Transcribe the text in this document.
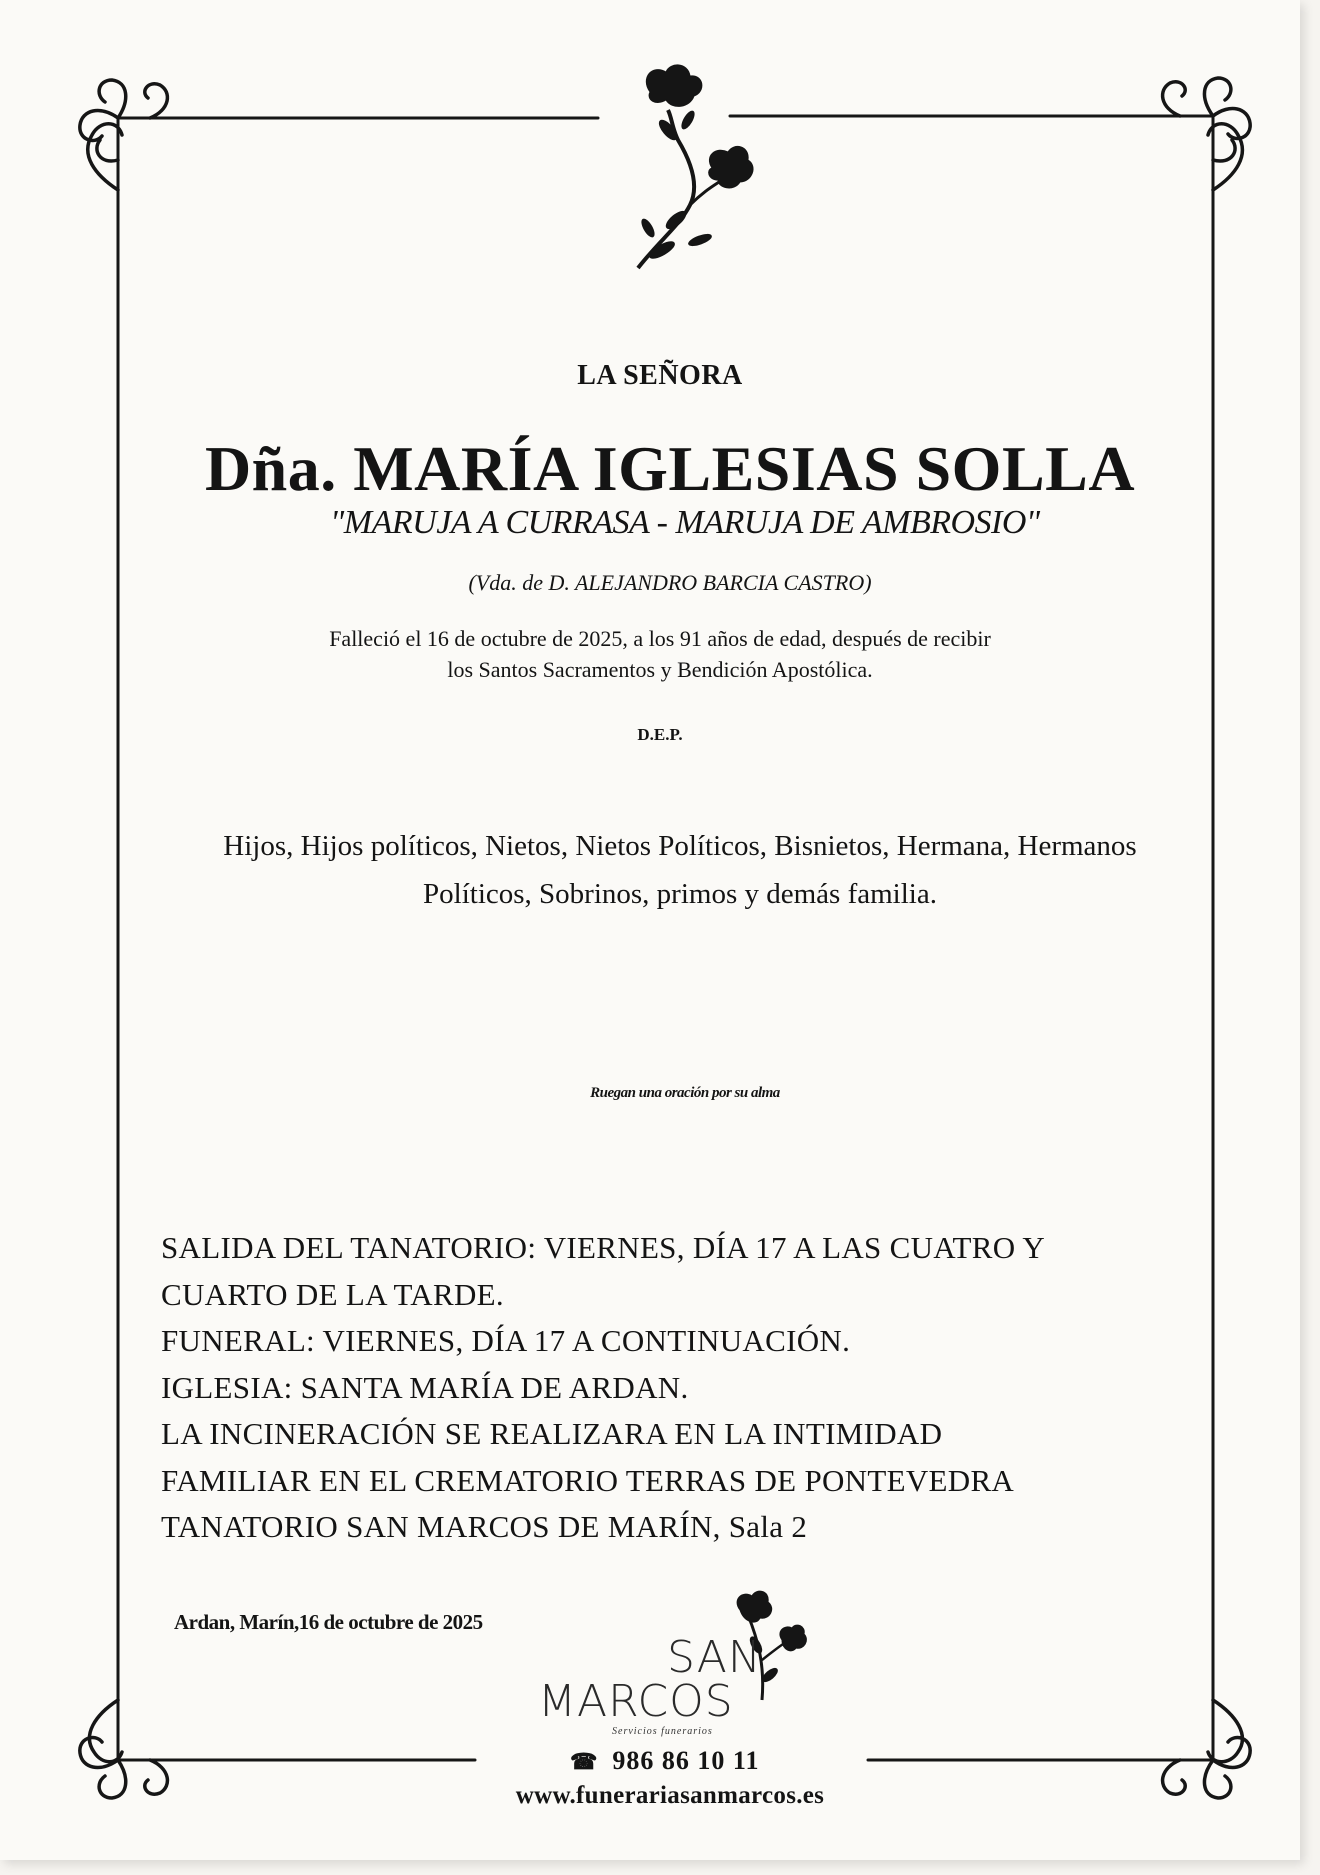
LA SEÑORA

Dña. MARÍA IGLESIAS SOLLA

"MARUJA A CURRASA - MARUJA DE AMBROSIO"

(Vda. de D. ALEJANDRO BARCIA CASTRO)

Falleció el 16 de octubre de 2025, a los 91 años de edad, después de recibir
los Santos Sacramentos y Bendición Apostólica.

D.E.P.

Hijos, Hijos políticos, Nietos, Nietos Políticos, Bisnietos, Hermana, Hermanos
Políticos, Sobrinos, primos y demás familia.

Ruegan una oración por su alma

SALIDA DEL TANATORIO: VIERNES, DÍA 17 A LAS CUATRO Y
CUARTO DE LA TARDE.
FUNERAL: VIERNES, DÍA 17 A CONTINUACIÓN.
IGLESIA: SANTA MARÍA DE ARDAN.
LA INCINERACIÓN SE REALIZARA EN LA INTIMIDAD
FAMILIAR EN EL CREMATORIO TERRAS DE PONTEVEDRA
TANATORIO SAN MARCOS DE MARÍN, Sala 2

Ardan, Marín,16 de octubre de 2025

SAN
MARCOS
Servicios funerarios
☎ 986 86 10 11

www.funerariasanmarcos.es
